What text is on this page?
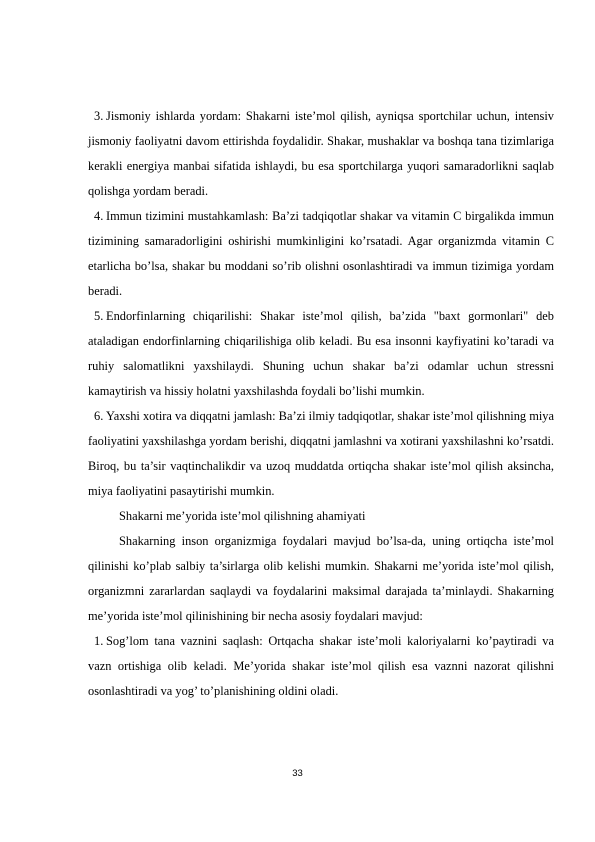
3. Jismoniy ishlarda yordam: Shakarni iste’mol qilish, ayniqsa sportchilar uchun, intensiv jismoniy faoliyatni davom ettirishda foydalidir. Shakar, mushaklar va boshqa tana tizimlariga kerakli energiya manbai sifatida ishlaydi, bu esa sportchilarga yuqori samaradorlikni saqlab qolishga yordam beradi.

4. Immun tizimini mustahkamlash: Ba’zi tadqiqotlar shakar va vitamin C birgalikda immun tizimining samaradorligini oshirishi mumkinligini ko’rsatadi. Agar organizmda vitamin C etarlicha bo’lsa, shakar bu moddani so’rib olishni osonlashtiradi va immun tizimiga yordam beradi.

5. Endorfinlarning chiqarilishi: Shakar iste’mol qilish, ba’zida "baxt gormonlari" deb ataladigan endorfinlarning chiqarilishiga olib keladi. Bu esa insonni kayfiyatini ko’taradi va ruhiy salomatlikni yaxshilaydi. Shuning uchun shakar ba’zi odamlar uchun stressni kamaytirish va hissiy holatni yaxshilashda foydali bo’lishi mumkin.

6. Yaxshi xotira va diqqatni jamlash: Ba’zi ilmiy tadqiqotlar, shakar iste’mol qilishning miya faoliyatini yaxshilashga yordam berishi, diqqatni jamlashni va xotirani yaxshilashni ko’rsatdi. Biroq, bu ta’sir vaqtinchalikdir va uzoq muddatda ortiqcha shakar iste’mol qilish aksincha, miya faoliyatini pasaytirishi mumkin.

Shakarni me’yorida iste’mol qilishning ahamiyati

Shakarning inson organizmiga foydalari mavjud bo’lsa-da, uning ortiqcha iste’mol qilinishi ko’plab salbiy ta’sirlarga olib kelishi mumkin. Shakarni me’yorida iste’mol qilish, organizmni zararlardan saqlaydi va foydalarini maksimal darajada ta’minlaydi. Shakarning me’yorida iste’mol qilinishining bir necha asosiy foydalari mavjud:

1. Sog’lom tana vaznini saqlash: Ortqacha shakar iste’moli kaloriyalarni ko’paytiradi va vazn ortishiga olib keladi. Me’yorida shakar iste’mol qilish esa vaznni nazorat qilishni osonlashtiradi va yog’ to’planishining oldini oladi.

33
